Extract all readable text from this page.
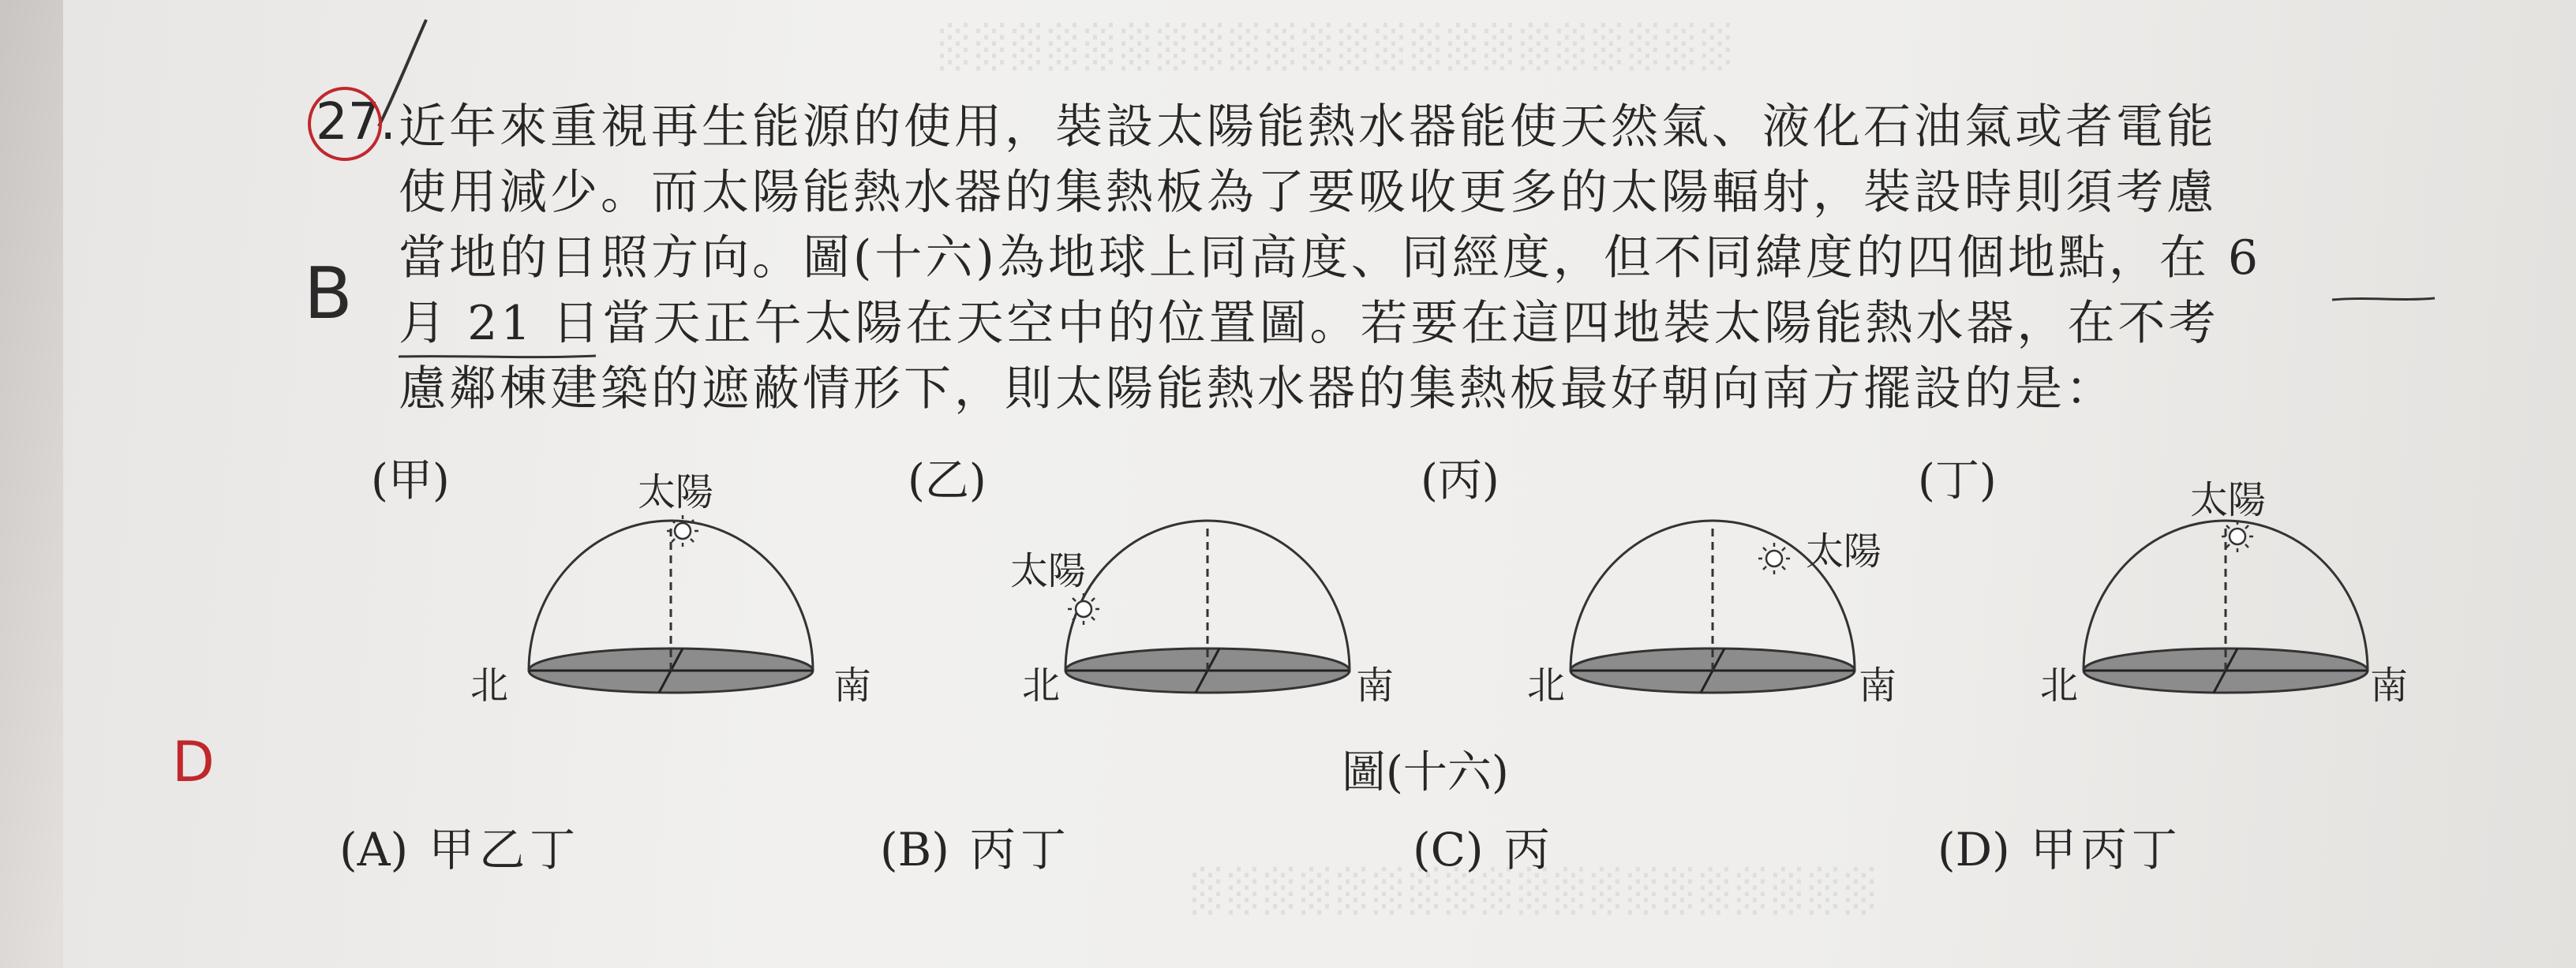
░░░░░░░░░░░░░░░░░░░░░░
░░░░░░░░░░░░░░░░░░░
27. 近年來重視再生能源的使用，裝設太陽能熱水器能使天然氣、液化石油氣或者電能
使用減少。而太陽能熱水器的集熱板為了要吸收更多的太陽輻射，裝設時則須考慮
當地的日照方向。圖(十六)為地球上同高度、同經度，但不同緯度的四個地點，在 6
月 21 日當天正午太陽在天空中的位置圖。若要在這四地裝太陽能熱水器，在不考
慮鄰棟建築的遮蔽情形下，則太陽能熱水器的集熱板最好朝向南方擺設的是：
B
D
(甲)	(乙)	(丙)	(丁)
太陽
太陽	太陽
太陽
北	南	北	南	北	南	北	南
圖(十六)
(A) 甲乙丁	(B) 丙丁	(C) 丙	(D) 甲丙丁
